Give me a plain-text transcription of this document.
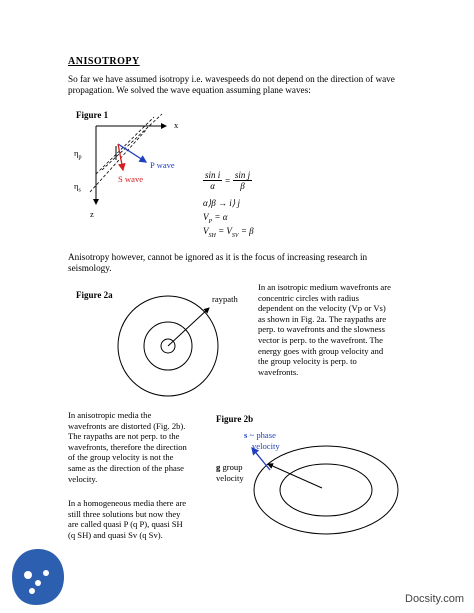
ANISOTROPY
So far we have assumed isotropy i.e. wavespeeds do not depend on the direction of wave
propagation. We solved the wave equation assuming plane waves:
Figure 1
x
z
$\eta_p$
$\eta_s$
P wave
S wave	$\frac{\text{sin i}}{\alpha} = \frac{\text{sin j}}{\beta}$
α⟩β → i⟩ j
$V_P = \alpha$
$V_{SH} = V_{SV} = \beta$
Anisotropy however, cannot be ignored as it is the focus of increasing research in
seismology.
Figure 2a	raypath
In an isotropic medium wavefronts are
concentric circles with radius
dependent on the velocity (Vp or Vs)
as shown in Fig. 2a. The raypaths are
perp. to wavefronts and the slowness
vector is perp. to the wavefront. The
energy goes with group velocity and
the group velocity is perp. to
wavefronts.
In anisotropic media the
wavefronts are distorted (Fig. 2b).
The raypaths are not perp. to the
wavefronts, therefore the direction
of the group velocity is not the
same as the direction of the phase
velocity.
In a homogeneous media there are
still three solutions but now they
are called quasi P (q P), quasi SH
(q SH) and quasi Sv (q Sv).
Figure 2b
s ~ phase
velocity
g group
velocity
Docsity.com
